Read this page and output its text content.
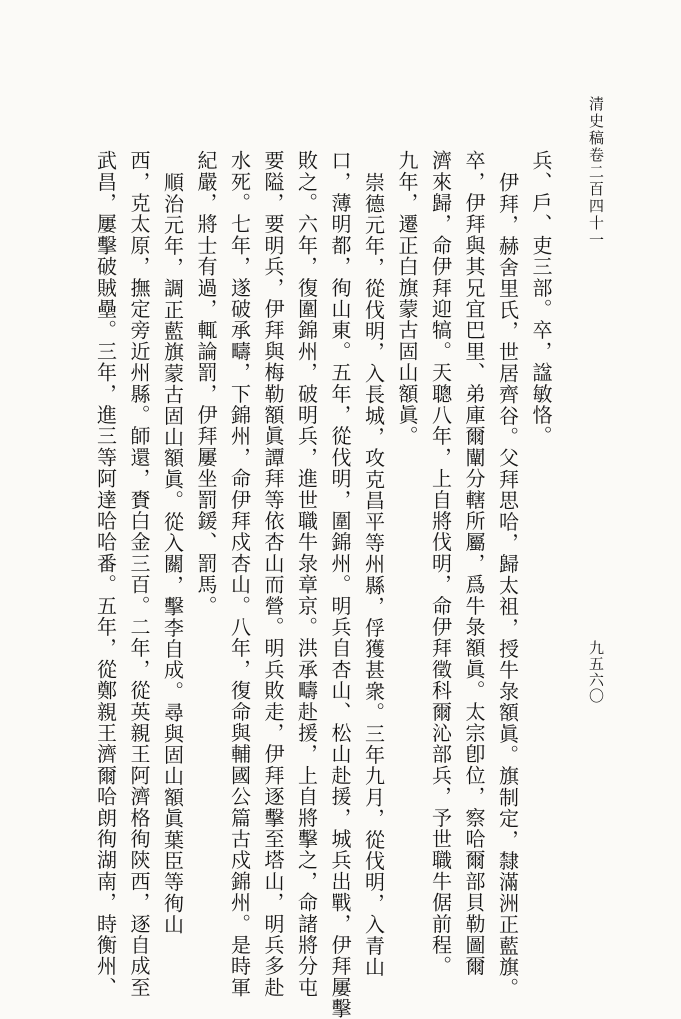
清史稿卷二百四十一
九五六〇
兵、戶、吏三部。卒，諡敏恪。
伊拜，赫舍里氏，世居齊谷。父拜思哈，歸太祖，授牛彔額眞。旗制定，隸滿洲正藍旗。
卒，伊拜與其兄宜巴里、弟庫爾闡分轄所屬，爲牛彔額眞。太宗卽位，察哈爾部貝勒圖爾
濟來歸，命伊拜迎犒。天聰八年，上自將伐明，命伊拜徵科爾沁部兵，予世職牛倨前程。
九年，遷正白旗蒙古固山額眞。
崇德元年，從伐明，入長城，攻克昌平等州縣，俘獲甚衆。三年九月，從伐明，入青山
口，薄明都，徇山東。五年，從伐明，圍錦州。明兵自杏山、松山赴援，城兵出戰，伊拜屢擊
敗之。六年，復圍錦州，破明兵，進世職牛彔章京。洪承疇赴援，上自將擊之，命諸將分屯
要隘，要明兵，伊拜與梅勒額眞譚拜等依杏山而營。明兵敗走，伊拜逐擊至塔山，明兵多赴
水死。七年，遂破承疇，下錦州，命伊拜戍杏山。八年，復命與輔國公篇古戍錦州。是時軍
紀嚴，將士有過，輒論罰，伊拜屢坐罰鍰、罰馬。
順治元年，調正藍旗蒙古固山額眞。從入關，擊李自成。尋與固山額眞葉臣等徇山
西，克太原，撫定旁近州縣。師還，賚白金三百。二年，從英親王阿濟格徇陝西，逐自成至
武昌，屢擊破賊壘。三年，進三等阿達哈哈番。五年，從鄭親王濟爾哈朗徇湖南，時衡州、
